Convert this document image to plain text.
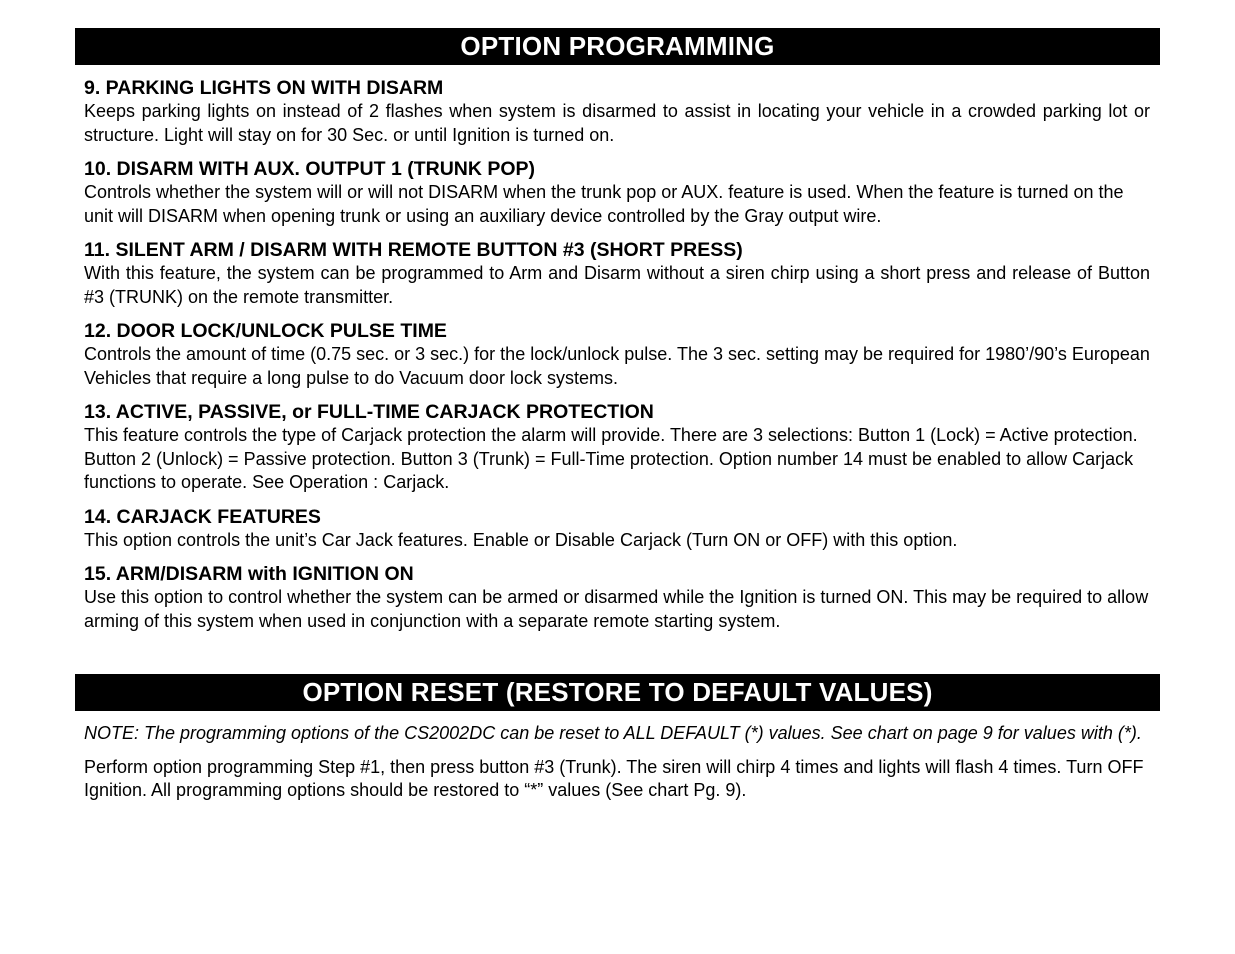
OPTION PROGRAMMING
9. PARKING LIGHTS ON WITH DISARM

Keeps parking lights on instead of 2 flashes when system is disarmed to assist in locating your vehicle in a crowded parking lot or structure. Light will stay on for 30 Sec. or until Ignition is turned on.

10. DISARM WITH AUX. OUTPUT 1 (TRUNK POP)

Controls whether the system will or will not DISARM when the trunk pop or AUX. feature is used. When the feature is turned on the unit will DISARM when opening trunk or using an auxiliary device controlled by the Gray output wire.

11. SILENT ARM / DISARM WITH REMOTE BUTTON #3 (SHORT PRESS)

With this feature, the system can be programmed to Arm and Disarm without a siren chirp using a short press and release of Button #3 (TRUNK) on the remote transmitter.

12. DOOR LOCK/UNLOCK PULSE TIME

Controls the amount of time (0.75 sec. or 3 sec.) for the lock/unlock pulse. The 3 sec. setting may be required for 1980’/90’s European Vehicles that require a long pulse to do Vacuum door lock systems.

13. ACTIVE, PASSIVE, or FULL-TIME CARJACK PROTECTION

This feature controls the type of Carjack protection the alarm will provide. There are 3 selections: Button 1 (Lock) = Active protection. Button 2 (Unlock) = Passive protection. Button 3 (Trunk) = Full-Time protection. Option number 14 must be enabled to allow Carjack functions to operate. See Operation : Carjack.

14. CARJACK FEATURES

This option controls the unit’s Car Jack features. Enable or Disable Carjack (Turn ON or OFF) with this option.

15. ARM/DISARM with IGNITION ON

Use this option to control whether the system can be armed or disarmed while the Ignition is turned ON. This may be required to allow arming of this system when used in conjunction with a separate remote starting system.

OPTION RESET (RESTORE TO DEFAULT VALUES)

NOTE: The programming options of the CS2002DC can be reset to ALL DEFAULT (*) values. See chart on page 9 for values with (*).

Perform option programming Step #1, then press button #3 (Trunk). The siren will chirp 4 times and lights will flash 4 times. Turn OFF Ignition. All programming options should be restored to “*” values (See chart Pg. 9).
